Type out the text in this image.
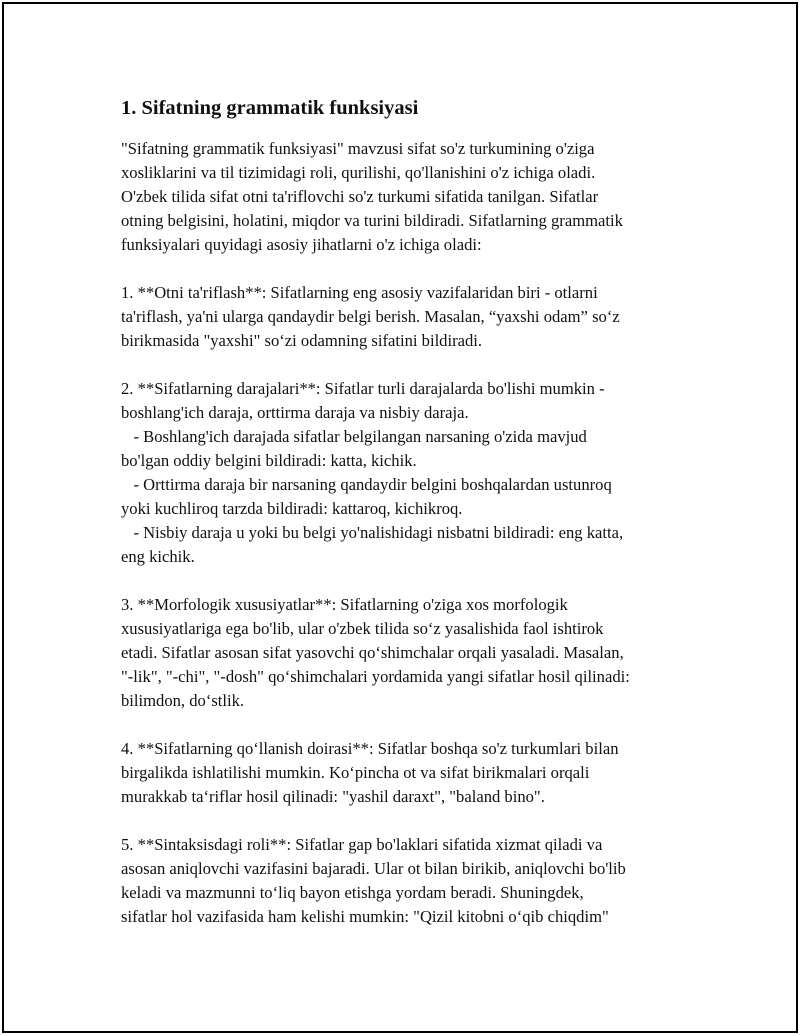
1. Sifatning grammatik funksiyasi
"Sifatning grammatik funksiyasi" mavzusi sifat so'z turkumining o'ziga
xosliklarini va til tizimidagi roli, qurilishi, qo'llanishini o'z ichiga oladi.
O'zbek tilida sifat otni ta'riflovchi so'z turkumi sifatida tanilgan. Sifatlar
otning belgisini, holatini, miqdor va turini bildiradi. Sifatlarning grammatik
funksiyalari quyidagi asosiy jihatlarni o'z ichiga oladi:
1. **Otni ta'riflash**: Sifatlarning eng asosiy vazifalaridan biri - otlarni
ta'riflash, ya'ni ularga qandaydir belgi berish. Masalan, “yaxshi odam” so‘z
birikmasida "yaxshi" so‘zi odamning sifatini bildiradi.
2. **Sifatlarning darajalari**: Sifatlar turli darajalarda bo'lishi mumkin -
boshlang'ich daraja, orttirma daraja va nisbiy daraja.
- Boshlang'ich darajada sifatlar belgilangan narsaning o'zida mavjud
bo'lgan oddiy belgini bildiradi: katta, kichik.
- Orttirma daraja bir narsaning qandaydir belgini boshqalardan ustunroq
yoki kuchliroq tarzda bildiradi: kattaroq, kichikroq.
- Nisbiy daraja u yoki bu belgi yo'nalishidagi nisbatni bildiradi: eng katta,
eng kichik.
3. **Morfologik xususiyatlar**: Sifatlarning o'ziga xos morfologik
xususiyatlariga ega bo'lib, ular o'zbek tilida so‘z yasalishida faol ishtirok
etadi. Sifatlar asosan sifat yasovchi qo‘shimchalar orqali yasaladi. Masalan,
"-lik", "-chi", "-dosh" qo‘shimchalari yordamida yangi sifatlar hosil qilinadi:
bilimdon, do‘stlik.
4. **Sifatlarning qo‘llanish doirasi**: Sifatlar boshqa so'z turkumlari bilan
birgalikda ishlatilishi mumkin. Ko‘pincha ot va sifat birikmalari orqali
murakkab ta‘riflar hosil qilinadi: "yashil daraxt", "baland bino".
5. **Sintaksisdagi roli**: Sifatlar gap bo'laklari sifatida xizmat qiladi va
asosan aniqlovchi vazifasini bajaradi. Ular ot bilan birikib, aniqlovchi bo'lib
keladi va mazmunni to‘liq bayon etishga yordam beradi. Shuningdek,
sifatlar hol vazifasida ham kelishi mumkin: "Qizil kitobni o‘qib chiqdim"
